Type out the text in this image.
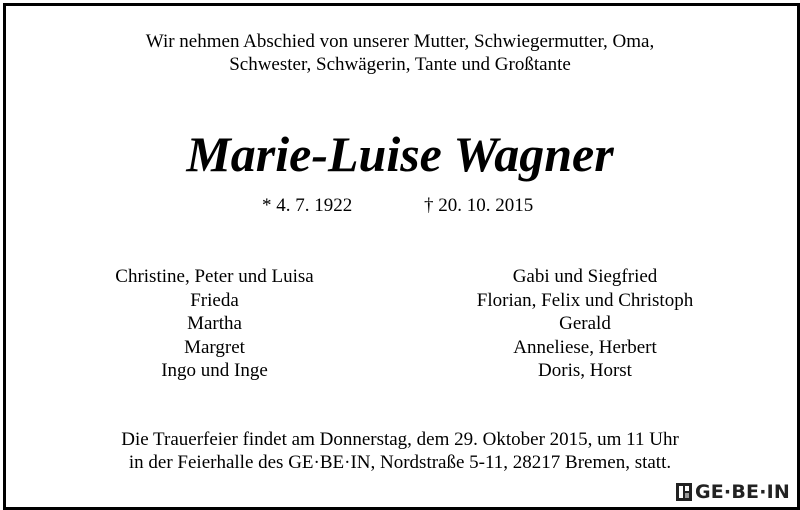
Wir nehmen Abschied von unserer Mutter, Schwiegermutter, Oma,
Schwester, Schwägerin, Tante und Großtante
Marie-Luise Wagner
* 4. 7. 1922	† 20. 10. 2015
Christine, Peter und Luisa
Frieda
Martha
Margret
Ingo und Inge
Gabi und Siegfried
Florian, Felix und Christoph
Gerald
Anneliese, Herbert
Doris, Horst
Die Trauerfeier findet am Donnerstag, dem 29. Oktober 2015, um 11 Uhr
in der Feierhalle des GE·BE·IN, Nordstraße 5-11, 28217 Bremen, statt.
GE·BE·IN
